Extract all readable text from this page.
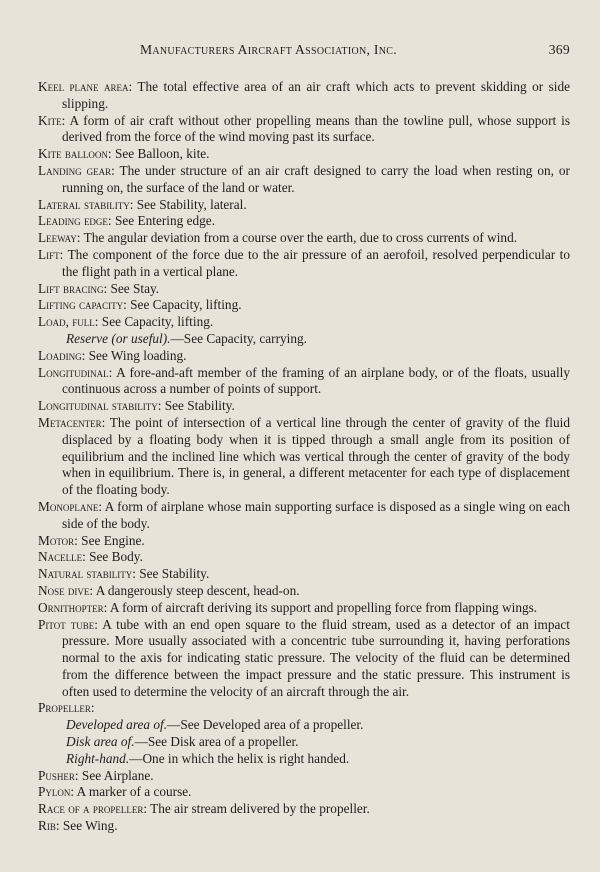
Manufacturers Aircraft Association, Inc.	369
Keel plane area: The total effective area of an air craft which acts to prevent skidding or side slipping.
Kite: A form of air craft without other propelling means than the towline pull, whose support is derived from the force of the wind moving past its surface.
Kite balloon: See Balloon, kite.
Landing gear: The under structure of an air craft designed to carry the load when resting on, or running on, the surface of the land or water.
Lateral stability: See Stability, lateral.
Leading edge: See Entering edge.
Leeway: The angular deviation from a course over the earth, due to cross currents of wind.
Lift: The component of the force due to the air pressure of an aerofoil, resolved perpendicular to the flight path in a vertical plane.
Lift bracing: See Stay.
Lifting capacity: See Capacity, lifting.
Load, full: See Capacity, lifting.
Reserve (or useful).—See Capacity, carrying.
Loading: See Wing loading.
Longitudinal: A fore-and-aft member of the framing of an airplane body, or of the floats, usually continuous across a number of points of support.
Longitudinal stability: See Stability.
Metacenter: The point of intersection of a vertical line through the center of gravity of the fluid displaced by a floating body when it is tipped through a small angle from its position of equilibrium and the inclined line which was vertical through the center of gravity of the body when in equilibrium. There is, in general, a different metacenter for each type of displacement of the floating body.
Monoplane: A form of airplane whose main supporting surface is disposed as a single wing on each side of the body.
Motor: See Engine.
Nacelle: See Body.
Natural stability: See Stability.
Nose dive: A dangerously steep descent, head-on.
Ornithopter: A form of aircraft deriving its support and propelling force from flapping wings.
Pitot tube: A tube with an end open square to the fluid stream, used as a detector of an impact pressure. More usually associated with a concentric tube surrounding it, having perforations normal to the axis for indicating static pressure. The velocity of the fluid can be determined from the difference between the impact pressure and the static pressure. This instrument is often used to determine the velocity of an aircraft through the air.
Propeller:
Developed area of.—See Developed area of a propeller.
Disk area of.—See Disk area of a propeller.
Right-hand.—One in which the helix is right handed.
Pusher: See Airplane.
Pylon: A marker of a course.
Race of a propeller: The air stream delivered by the propeller.
Rib: See Wing.
